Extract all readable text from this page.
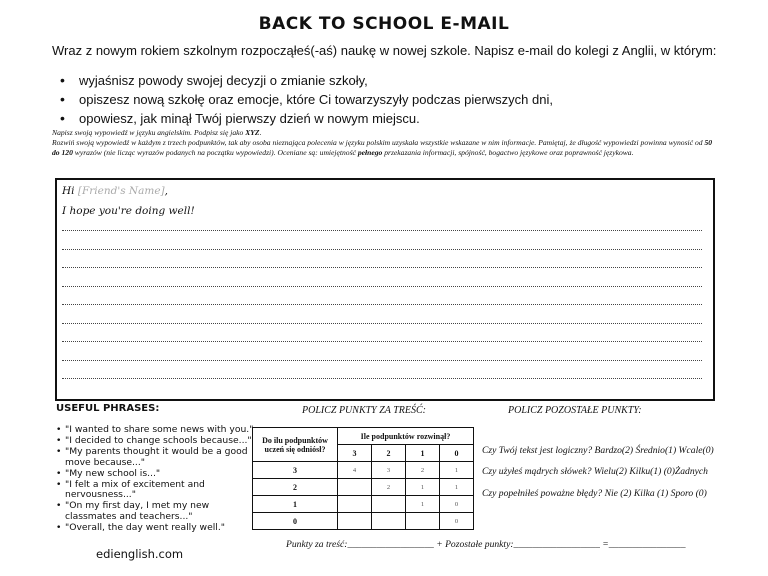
BACK TO SCHOOL E-MAIL
Wraz z nowym rokiem szkolnym rozpocząłeś(-aś) naukę w nowej szkole. Napisz e-mail do kolegi z Anglii, w którym:
• wyjaśnisz powody swojej decyzji o zmianie szkoły,
• opiszesz nową szkołę oraz emocje, które Ci towarzyszyły podczas pierwszych dni,
• opowiesz, jak minął Twój pierwszy dzień w nowym miejscu.
Napisz swoją wypowiedź w języku angielskim. Podpisz się jako XYZ.
Rozwiń swoją wypowiedź w każdym z trzech podpunktów, tak aby osoba nieznająca polecenia w języku polskim uzyskała wszystkie wskazane w nim informacje. Pamiętaj, że długość wypowiedzi powinna wynosić od 50 do 120 wyrazów (nie licząc wyrazów podanych na początku wypowiedzi). Oceniane są: umiejętność pełnego przekazania informacji, spójność, bogactwo językowe oraz poprawność językowa.
Hi [Friend's Name],
I hope you're doing well!
USEFUL PHRASES:
• "I wanted to share some news with you."
• "I decided to change schools because..."
• "My parents thought it would be a good move because..."
• "My new school is..."
• "I felt a mix of excitement and nervousness..."
• "On my first day, I met my new classmates and teachers..."
• "Overall, the day went really well."
edienglish.com
POLICZ PUNKTY ZA TREŚĆ:	POLICZ POZOSTAŁE PUNKTY:
Do ilu podpunktów uczeń się odniósł?	Ile podpunktów rozwinął?			
	3	2	1	0
3	4	3	2	1
2		2	1	1
1			1	0
0				0
Czy Twój tekst jest logiczny? Bardzo(2) Średnio(1) Wcale(0)
Czy użyłeś mądrych słówek? Wielu(2) Kilku(1) (0)Żadnych
Czy popełniłeś poważne błędy? Nie (2) Kilka (1) Sporo (0)
Punkty za treść:__________________ + Pozostałe punkty:__________________ =________________
